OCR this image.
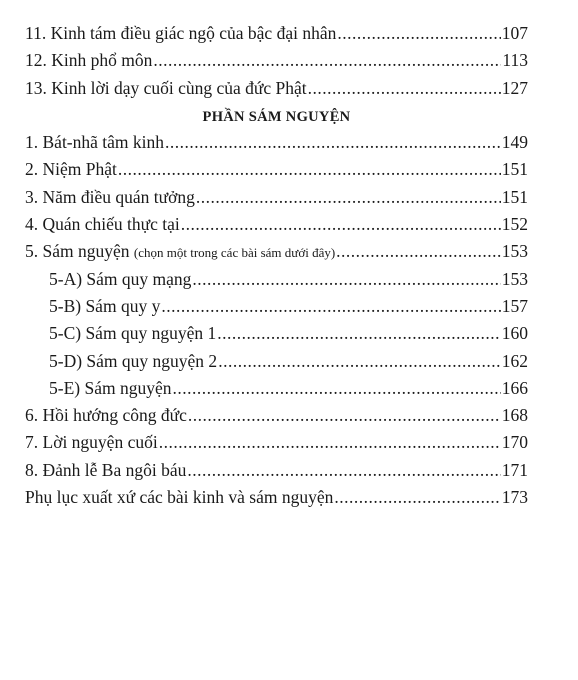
11. Kinh tám điều giác ngộ của bậc đại nhân .....	107
12. Kinh phổ môn .....	113
13. Kinh lời dạy cuối cùng của đức Phật .....	127
PHẦN SÁM NGUYỆN
1. Bát-nhã tâm kinh .....	149
2. Niệm Phật .....	151
3. Năm điều quán tưởng .....	151
4. Quán chiếu thực tại .....	152
5. Sám nguyện (chọn một trong các bài sám dưới đây) .....	153
5-A) Sám quy mạng .....	153
5-B) Sám quy y .....	157
5-C) Sám quy nguyện 1 .....	160
5-D) Sám quy nguyện 2 .....	162
5-E) Sám nguyện .....	166
6. Hồi hướng công đức .....	168
7. Lời nguyện cuối .....	170
8. Đảnh lễ Ba ngôi báu .....	171
Phụ lục xuất xứ các bài kinh và sám nguyện .....	173
